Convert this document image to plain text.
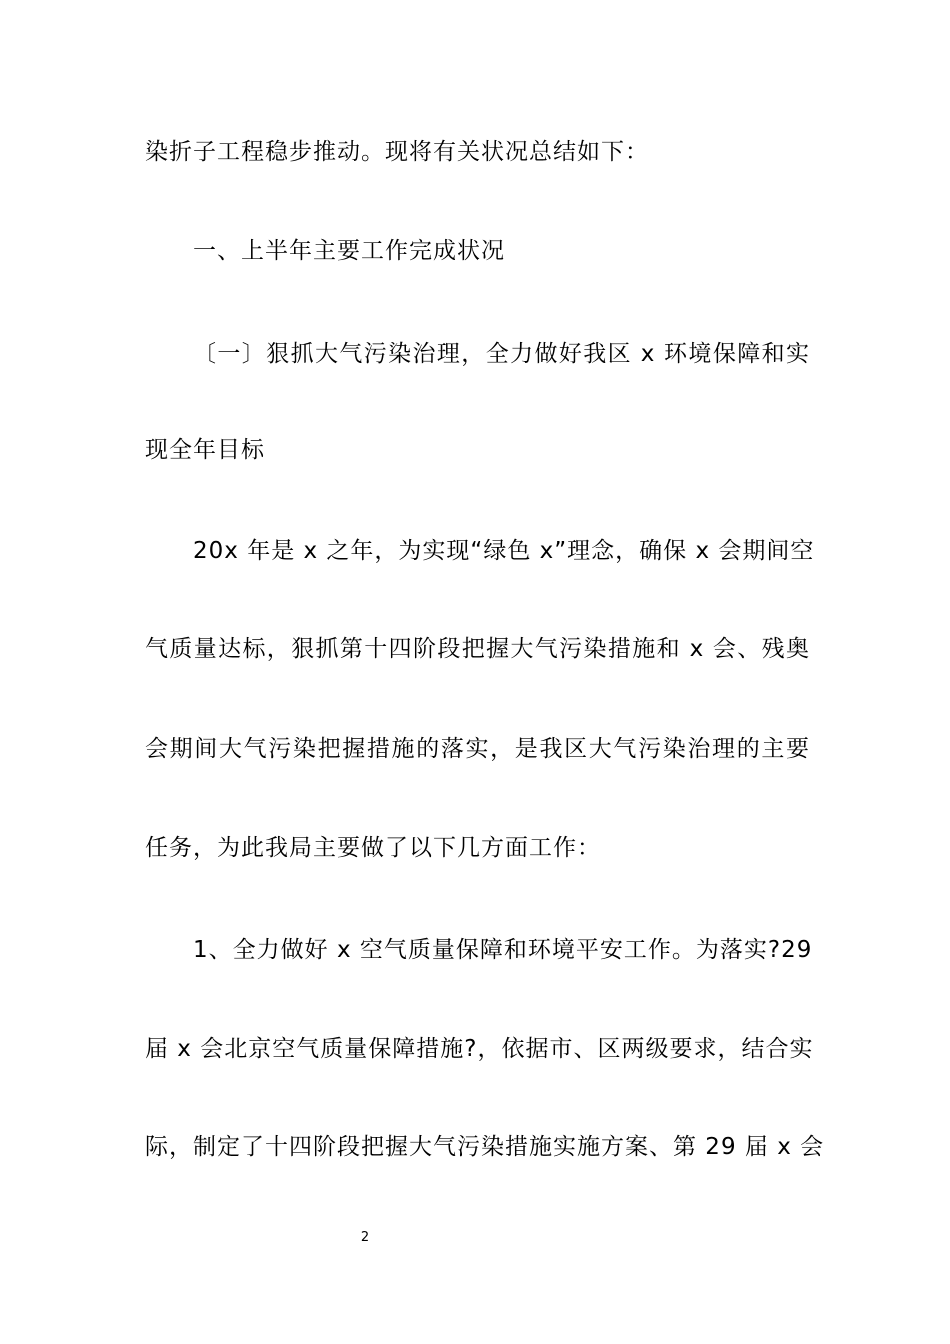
染折子工程稳步推动。现将有关状况总结如下：
一、上半年主要工作完成状况
〔一〕狠抓大气污染治理，全力做好我区 x 环境保障和实
现全年目标
20x 年是 x 之年，为实现“绿色 x”理念，确保 x 会期间空
气质量达标，狠抓第十四阶段把握大气污染措施和 x 会、残奥
会期间大气污染把握措施的落实，是我区大气污染治理的主要
任务，为此我局主要做了以下几方面工作：
1、全力做好 x 空气质量保障和环境平安工作。为落实?29
届 x 会北京空气质量保障措施?，依据市、区两级要求，结合实
际，制定了十四阶段把握大气污染措施实施方案、第 29 届 x 会
2
